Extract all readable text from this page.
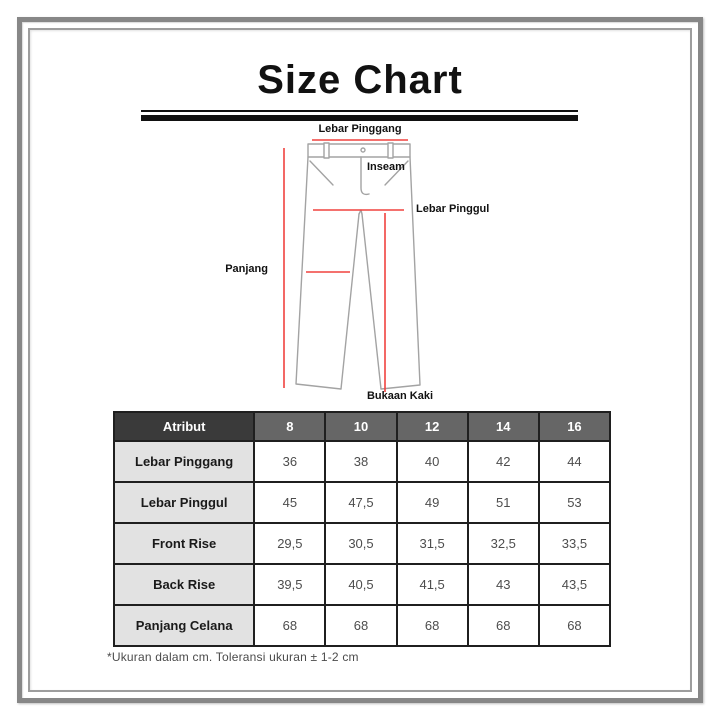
Size Chart
Lebar Pinggang
Inseam
Lebar Pinggul
Panjang
Bukaan Kaki
Atribut	8	10	12	14	16
Lebar Pinggang	36	38	40	42	44
Lebar Pinggul	45	47,5	49	51	53
Front Rise	29,5	30,5	31,5	32,5	33,5
Back Rise	39,5	40,5	41,5	43	43,5
Panjang Celana	68	68	68	68	68
*Ukuran dalam cm. Toleransi ukuran ± 1-2 cm
